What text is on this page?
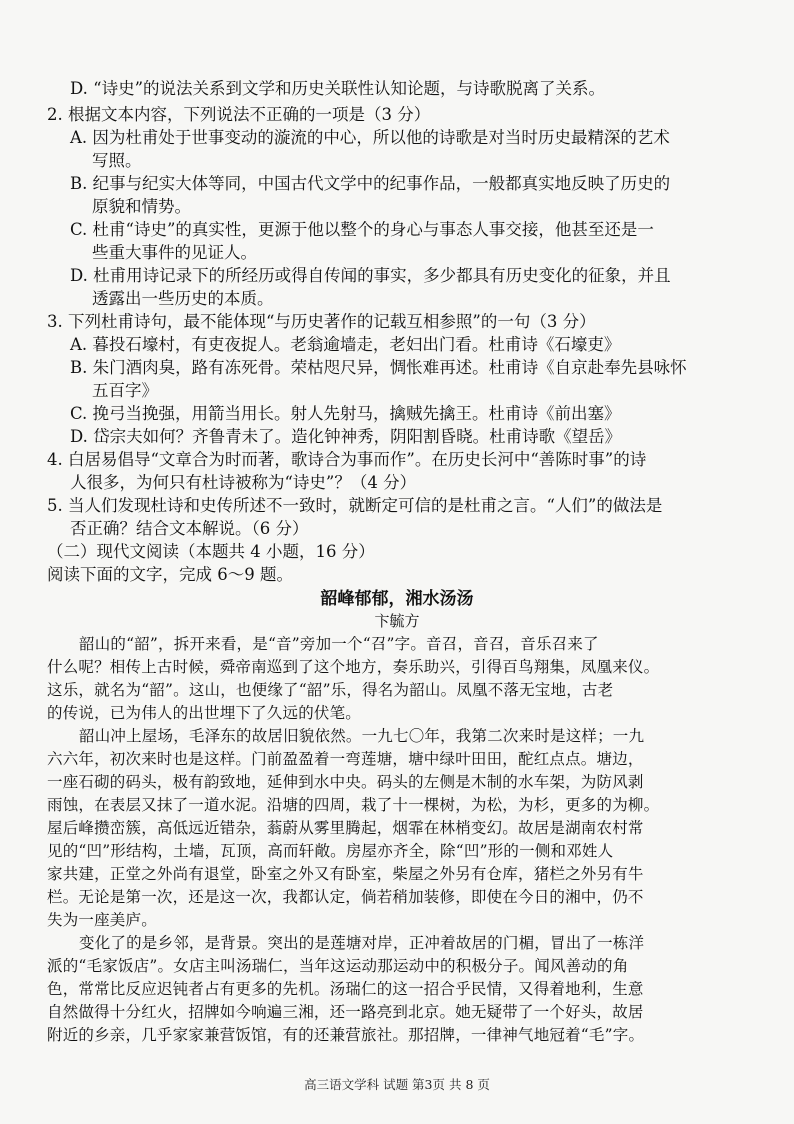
D. “诗史”的说法关系到文学和历史关联性认知论题，与诗歌脱离了关系。
2. 根据文本内容，下列说法不正确的一项是（3 分）
A. 因为杜甫处于世事变动的漩流的中心，所以他的诗歌是对当时历史最精深的艺术
写照。
B. 纪事与纪实大体等同，中国古代文学中的纪事作品，一般都真实地反映了历史的
原貌和情势。
C. 杜甫“诗史”的真实性，更源于他以整个的身心与事态人事交接，他甚至还是一
些重大事件的见证人。
D. 杜甫用诗记录下的所经历或得自传闻的事实，多少都具有历史变化的征象，并且
透露出一些历史的本质。
3. 下列杜甫诗句，最不能体现“与历史著作的记载互相参照”的一句（3 分）
A. 暮投石壕村，有吏夜捉人。老翁逾墙走，老妇出门看。杜甫诗《石壕吏》
B. 朱门酒肉臭，路有冻死骨。荣枯咫尺异，惆怅难再述。杜甫诗《自京赴奉先县咏怀
五百字》
C. 挽弓当挽强，用箭当用长。射人先射马，擒贼先擒王。杜甫诗《前出塞》
D. 岱宗夫如何？齐鲁青未了。造化钟神秀，阴阳割昏晓。杜甫诗歌《望岳》
4. 白居易倡导“文章合为时而著，歌诗合为事而作”。在历史长河中“善陈时事”的诗
人很多，为何只有杜诗被称为“诗史”？（4 分）
5. 当人们发现杜诗和史传所述不一致时，就断定可信的是杜甫之言。“人们”的做法是
否正确？结合文本解说。（6 分）
（二）现代文阅读（本题共 4 小题，16 分）
阅读下面的文字，完成 6～9 题。
韶峰郁郁，湘水汤汤
卞毓方
韶山的“韶”，拆开来看，是“音”旁加一个“召”字。音召，音召，音乐召来了
什么呢？相传上古时候，舜帝南巡到了这个地方，奏乐助兴，引得百鸟翔集，凤凰来仪。
这乐，就名为“韶”。这山，也便缘了“韶”乐，得名为韶山。凤凰不落无宝地，古老
的传说，已为伟人的出世埋下了久远的伏笔。
韶山冲上屋场，毛泽东的故居旧貌依然。一九七〇年，我第二次来时是这样；一九
六六年，初次来时也是这样。门前盈盈着一弯莲塘，塘中绿叶田田，酡红点点。塘边，
一座石砌的码头，极有韵致地，延伸到水中央。码头的左侧是木制的水车架，为防风剥
雨蚀，在表层又抹了一道水泥。沿塘的四周，栽了十一棵树，为松，为杉，更多的为柳。
屋后峰攒峦簇，高低远近错杂，蓊蔚从雾里腾起，烟霏在林梢变幻。故居是湖南农村常
见的“凹”形结构，土墙，瓦顶，高而轩敞。房屋亦齐全，除“凹”形的一侧和邓姓人
家共建，正堂之外尚有退堂，卧室之外又有卧室，柴屋之外另有仓库，猪栏之外另有牛
栏。无论是第一次，还是这一次，我都认定，倘若稍加装修，即使在今日的湘中，仍不
失为一座美庐。
变化了的是乡邻，是背景。突出的是莲塘对岸，正冲着故居的门楣，冒出了一栋洋
派的“毛家饭店”。女店主叫汤瑞仁，当年这运动那运动中的积极分子。闻风善动的角
色，常常比反应迟钝者占有更多的先机。汤瑞仁的这一招合乎民情，又得着地利，生意
自然做得十分红火，招牌如今响遍三湘，还一路亮到北京。她无疑带了一个好头，故居
附近的乡亲，几乎家家兼营饭馆，有的还兼营旅社。那招牌，一律神气地冠着“毛”字。
高三语文学科 试题 第3页 共 8 页
